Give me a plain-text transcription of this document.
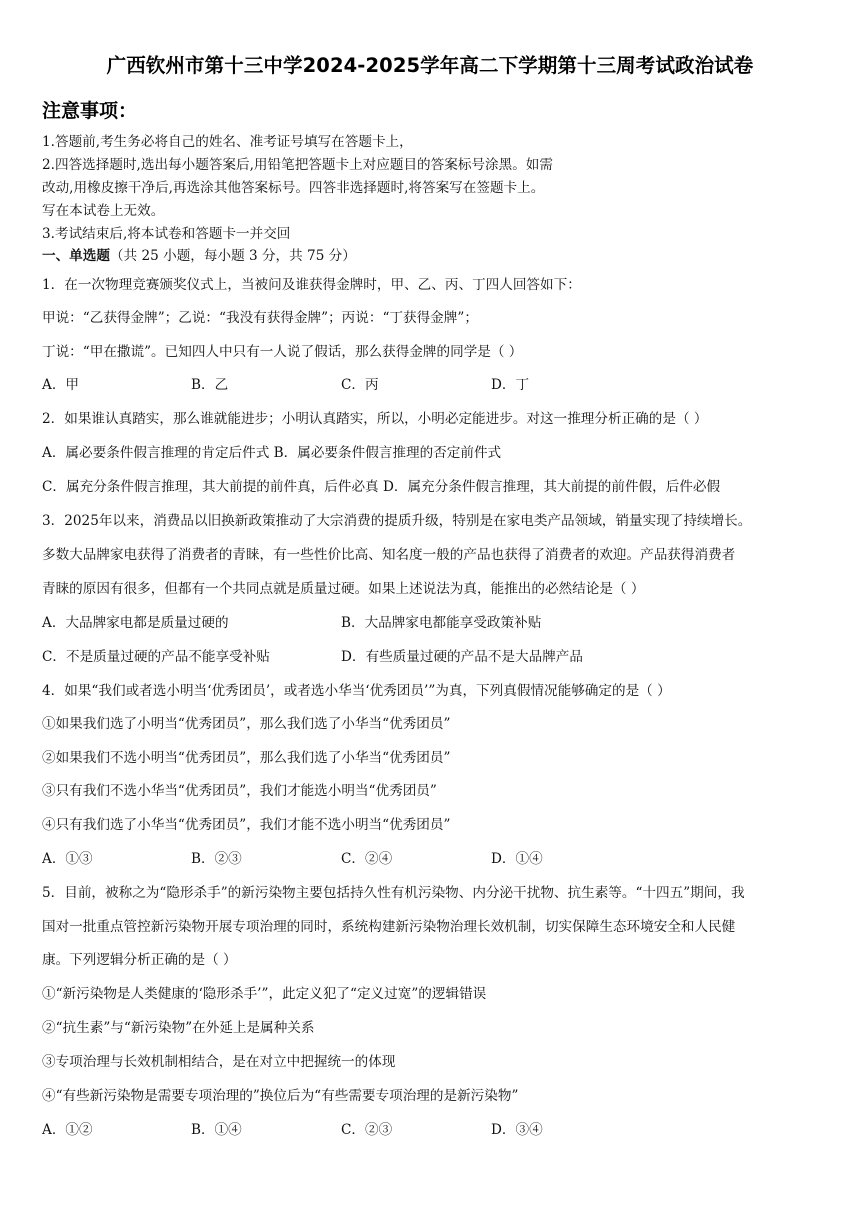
广西钦州市第十三中学2024-2025学年高二下学期第十三周考试政治试卷
注意事项：
1.答题前,考生务必将自己的姓名、准考证号填写在答题卡上，
2.四答选择题时,选出每小题答案后,用铅笔把答题卡上对应题目的答案标号涂黑。如需
改动,用橡皮擦干净后,再选涂其他答案标号。四答非选择题时,将答案写在签题卡上。
写在本试卷上无效。
3.考试结束后,将本试卷和答题卡一并交回
一、单选题（共 25 小题，每小题 3 分，共 75 分）
1．在一次物理竞赛颁奖仪式上，当被问及谁获得金牌时，甲、乙、丙、丁四人回答如下：
甲说：“乙获得金牌”；乙说：“我没有获得金牌”；丙说：“丁获得金牌”；
丁说：“甲在撒谎”。已知四人中只有一人说了假话，那么获得金牌的同学是（ ）
A．甲	B．乙	C．丙	D．丁
2．如果谁认真踏实，那么谁就能进步；小明认真踏实，所以，小明必定能进步。对这一推理分析正确的是（ ）
A．属必要条件假言推理的肯定后件式 B．属必要条件假言推理的否定前件式
C．属充分条件假言推理，其大前提的前件真，后件必真 D．属充分条件假言推理，其大前提的前件假，后件必假
3．2025年以来，消费品以旧换新政策推动了大宗消费的提质升级，特别是在家电类产品领域，销量实现了持续增长。
多数大品牌家电获得了消费者的青睐，有一些性价比高、知名度一般的产品也获得了消费者的欢迎。产品获得消费者
青睐的原因有很多，但都有一个共同点就是质量过硬。如果上述说法为真，能推出的必然结论是（ ）
A．大品牌家电都是质量过硬的	B．大品牌家电都能享受政策补贴
C．不是质量过硬的产品不能享受补贴	D．有些质量过硬的产品不是大品牌产品
4．如果“我们或者选小明当‘优秀团员’，或者选小华当‘优秀团员’”为真，下列真假情况能够确定的是（ ）
①如果我们选了小明当“优秀团员”，那么我们选了小华当“优秀团员”
②如果我们不选小明当“优秀团员”，那么我们选了小华当“优秀团员”
③只有我们不选小华当“优秀团员”，我们才能选小明当“优秀团员”
④只有我们选了小华当“优秀团员”，我们才能不选小明当“优秀团员”
A．①③	B．②③	C．②④	D．①④
5．目前，被称之为“隐形杀手”的新污染物主要包括持久性有机污染物、内分泌干扰物、抗生素等。“十四五”期间，我
国对一批重点管控新污染物开展专项治理的同时，系统构建新污染物治理长效机制，切实保障生态环境安全和人民健
康。下列逻辑分析正确的是（ ）
①“新污染物是人类健康的‘隐形杀手’”，此定义犯了“定义过宽”的逻辑错误
②“抗生素”与“新污染物”在外延上是属种关系
③专项治理与长效机制相结合，是在对立中把握统一的体现
④“有些新污染物是需要专项治理的”换位后为“有些需要专项治理的是新污染物”
A．①②	B．①④	C．②③	D．③④
